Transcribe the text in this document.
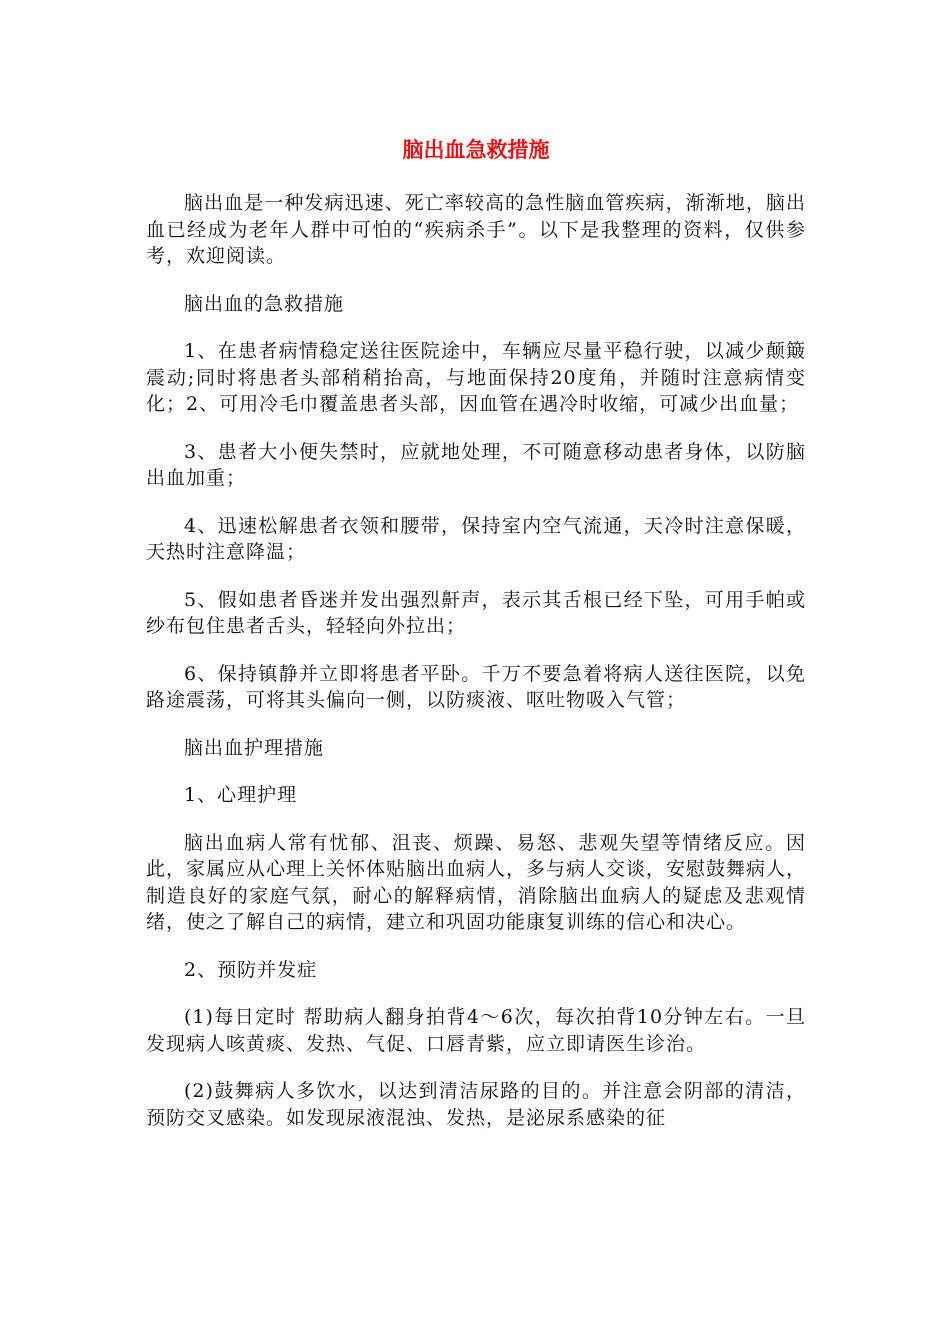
脑出血急救措施

脑出血是一种发病迅速、死亡率较高的急性脑血管疾病，渐渐地，脑出血已经成为老年人群中可怕的“疾病杀手”。以下是我整理的资料，仅供参考，欢迎阅读。

脑出血的急救措施

1、在患者病情稳定送往医院途中，车辆应尽量平稳行驶，以减少颠簸震动;同时将患者头部稍稍抬高，与地面保持20度角，并随时注意病情变化；2、可用冷毛巾覆盖患者头部，因血管在遇冷时收缩，可减少出血量；

3、患者大小便失禁时，应就地处理，不可随意移动患者身体，以防脑出血加重；

4、迅速松解患者衣领和腰带，保持室内空气流通，天冷时注意保暖，天热时注意降温；

5、假如患者昏迷并发出强烈鼾声，表示其舌根已经下坠，可用手帕或纱布包住患者舌头，轻轻向外拉出；

6、保持镇静并立即将患者平卧。千万不要急着将病人送往医院，以免路途震荡，可将其头偏向一侧，以防痰液、呕吐物吸入气管；

脑出血护理措施

1、心理护理

脑出血病人常有忧郁、沮丧、烦躁、易怒、悲观失望等情绪反应。因此，家属应从心理上关怀体贴脑出血病人，多与病人交谈，安慰鼓舞病人，制造良好的家庭气氛，耐心的解释病情，消除脑出血病人的疑虑及悲观情绪，使之了解自己的病情，建立和巩固功能康复训练的信心和决心。

2、预防并发症

(1)每日定时 帮助病人翻身拍背4～6次，每次拍背10分钟左右。一旦发现病人咳黄痰、发热、气促、口唇青紫，应立即请医生诊治。

(2)鼓舞病人多饮水，以达到清洁尿路的目的。并注意会阴部的清洁，预防交叉感染。如发现尿液混浊、发热，是泌尿系感染的征
